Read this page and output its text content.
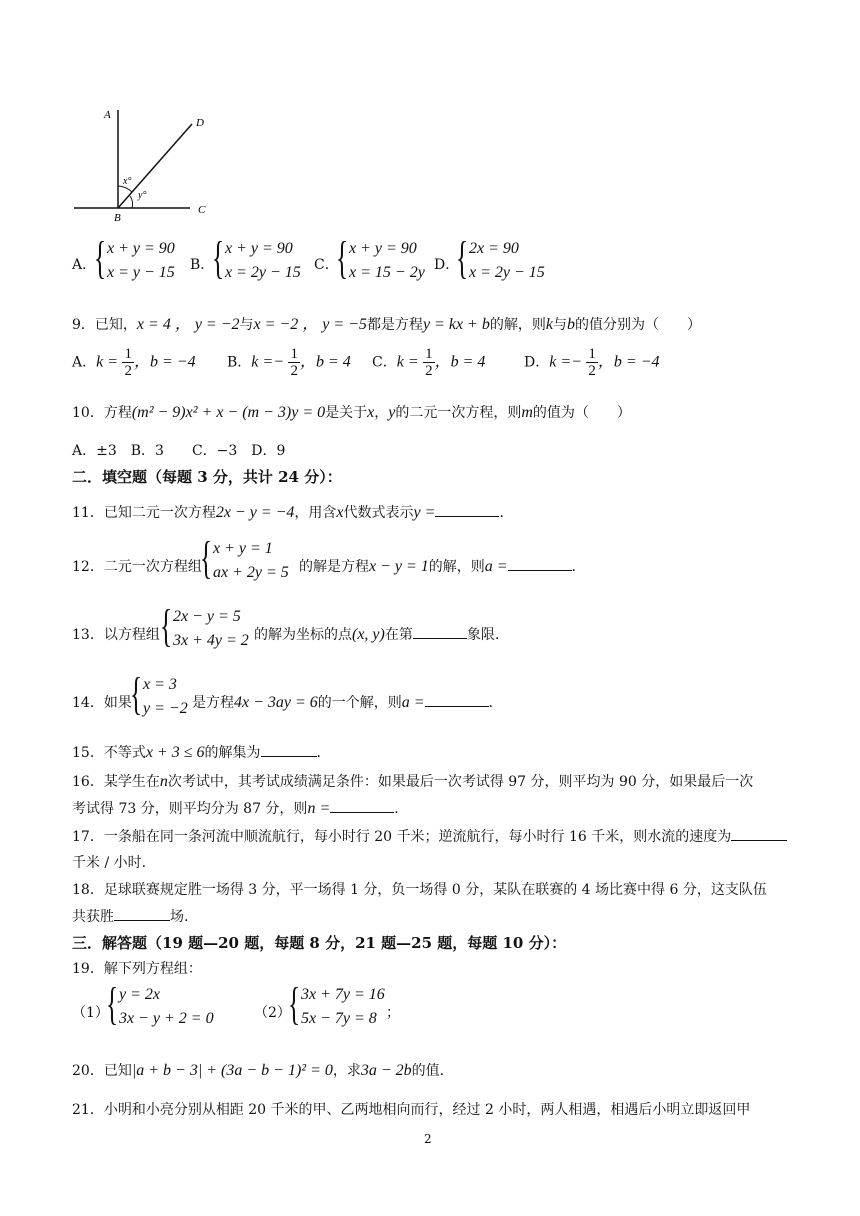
A
D
B
C
x°
y°
A．
{ x + y = 90
x = y − 15 B．
{ x + y = 90
x = 2y − 15 C．
{ x + y = 90
x = 15 − 2y D．
{ 2x = 90
x = 2y − 15
9．已知，x = 4 ， y = −2与x = −2 ， y = −5都是方程y = kx + b的解，则k与b的值分别为（　　）
A．$k = \frac{1}{2}$ ，b = −4 B．$k =- \frac{1}{2}$ ，b = 4 C．$k = \frac{1}{2}$ ，b = 4	D．$k =- \frac{1}{2}$ ，b = −4
10．方程(m² − 9)x² + x − (m − 3)y = 0是关于x，y的二元一次方程，则m的值为（　　）
A．±3　B．3　　C．−3　D．9
二．填空题（每题 3 分，共计 24 分）：
11．已知二元一次方程2x − y = −4，用含x代数式表示y =	．
12．二元一次方程组
{ x + y = 1
ax + 2y = 5 的解是方程x − y = 1的解，则a =	．
13．以方程组 { 2x − y = 5
3x + 4y = 2 的解为坐标的点(x, y)在第	象限.
14．如果
{ x = 3
y = −2 是方程4x − 3ay = 6的一个解，则a =	．
15．不等式x + 3 ≤ 6的解集为	．
16．某学生在n次考试中，其考试成绩满足条件：如果最后一次考试得 97 分，则平均为 90 分，如果最后一次
考试得 73 分，则平均分为 87 分，则n =	．
17．一条船在同一条河流中顺流航行，每小时行 20 千米；逆流航行，每小时行 16 千米，则水流的速度为
千米 / 小时.
18．足球联赛规定胜一场得 3 分，平一场得 1 分，负一场得 0 分，某队在联赛的 4 场比赛中得 6 分，这支队伍
共获胜	场.
三．解答题（19 题—20 题，每题 8 分，21 题—25 题，每题 10 分）：
19．解下列方程组：
（1）
{ y = 2x
3x − y + 2 = 0	（2）
{ 3x + 7y = 16
5x − 7y = 8 ；
20．已知|a + b − 3| + (3a − b − 1)² = 0，求3a − 2b的值.
21．小明和小亮分别从相距 20 千米的甲、乙两地相向而行，经过 2 小时，两人相遇，相遇后小明立即返回甲
2
